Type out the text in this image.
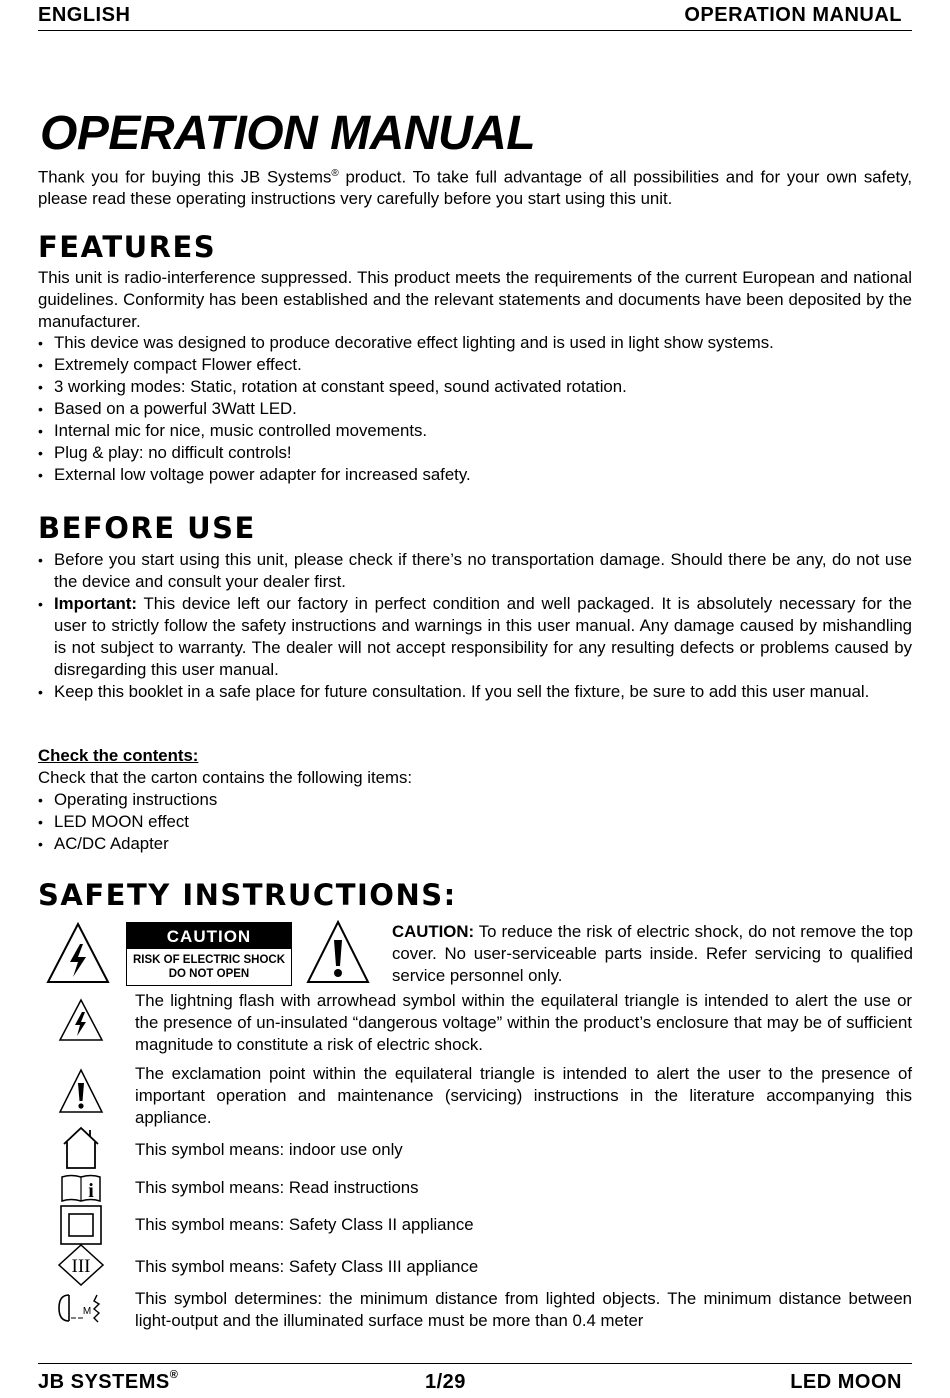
ENGLISH	OPERATION MANUAL
OPERATION MANUAL

Thank you for buying this JB Systems® product. To take full advantage of all possibilities and for your own safety, please read these operating instructions very carefully before you start using this unit.

FEATURES

This unit is radio-interference suppressed. This product meets the requirements of the current European and national guidelines. Conformity has been established and the relevant statements and documents have been deposited by the manufacturer.

• This device was designed to produce decorative effect lighting and is used in light show systems.
• Extremely compact Flower effect.
• 3 working modes: Static, rotation at constant speed, sound activated rotation.
• Based on a powerful 3Watt LED.
• Internal mic for nice, music controlled movements.
• Plug & play: no difficult controls!
• External low voltage power adapter for increased safety.
BEFORE USE
• Before you start using this unit, please check if there’s no transportation damage. Should there be any, do not use the device and consult your dealer first.
• Important: This device left our factory in perfect condition and well packaged. It is absolutely necessary for the user to strictly follow the safety instructions and warnings in this user manual. Any damage caused by mishandling is not subject to warranty. The dealer will not accept responsibility for any resulting defects or problems caused by disregarding this user manual.
• Keep this booklet in a safe place for future consultation. If you sell the fixture, be sure to add this user manual.

Check the contents:

Check that the carton contains the following items:

• Operating instructions
• LED MOON effect
• AC/DC Adapter
SAFETY INSTRUCTIONS:
CAUTION
RISK OF ELECTRIC SHOCK
DO NOT OPEN

CAUTION: To reduce the risk of electric shock, do not remove the top cover. No user-serviceable parts inside. Refer servicing to qualified service personnel only.

The lightning flash with arrowhead symbol within the equilateral triangle is intended to alert the use or the presence of un-insulated “dangerous voltage” within the product’s enclosure that may be of sufficient magnitude to constitute a risk of electric shock.

The exclamation point within the equilateral triangle is intended to alert the user to the presence of important operation and maintenance (servicing) instructions in the literature accompanying this appliance.

This symbol means: indoor use only

i This symbol means: Read instructions

This symbol means: Safety Class II appliance

III	This symbol means: Safety Class III appliance

M

This symbol determines: the minimum distance from lighted objects. The minimum distance between light-output and the illuminated surface must be more than 0.4 meter

JB SYSTEMS®	1/29	LED MOON
